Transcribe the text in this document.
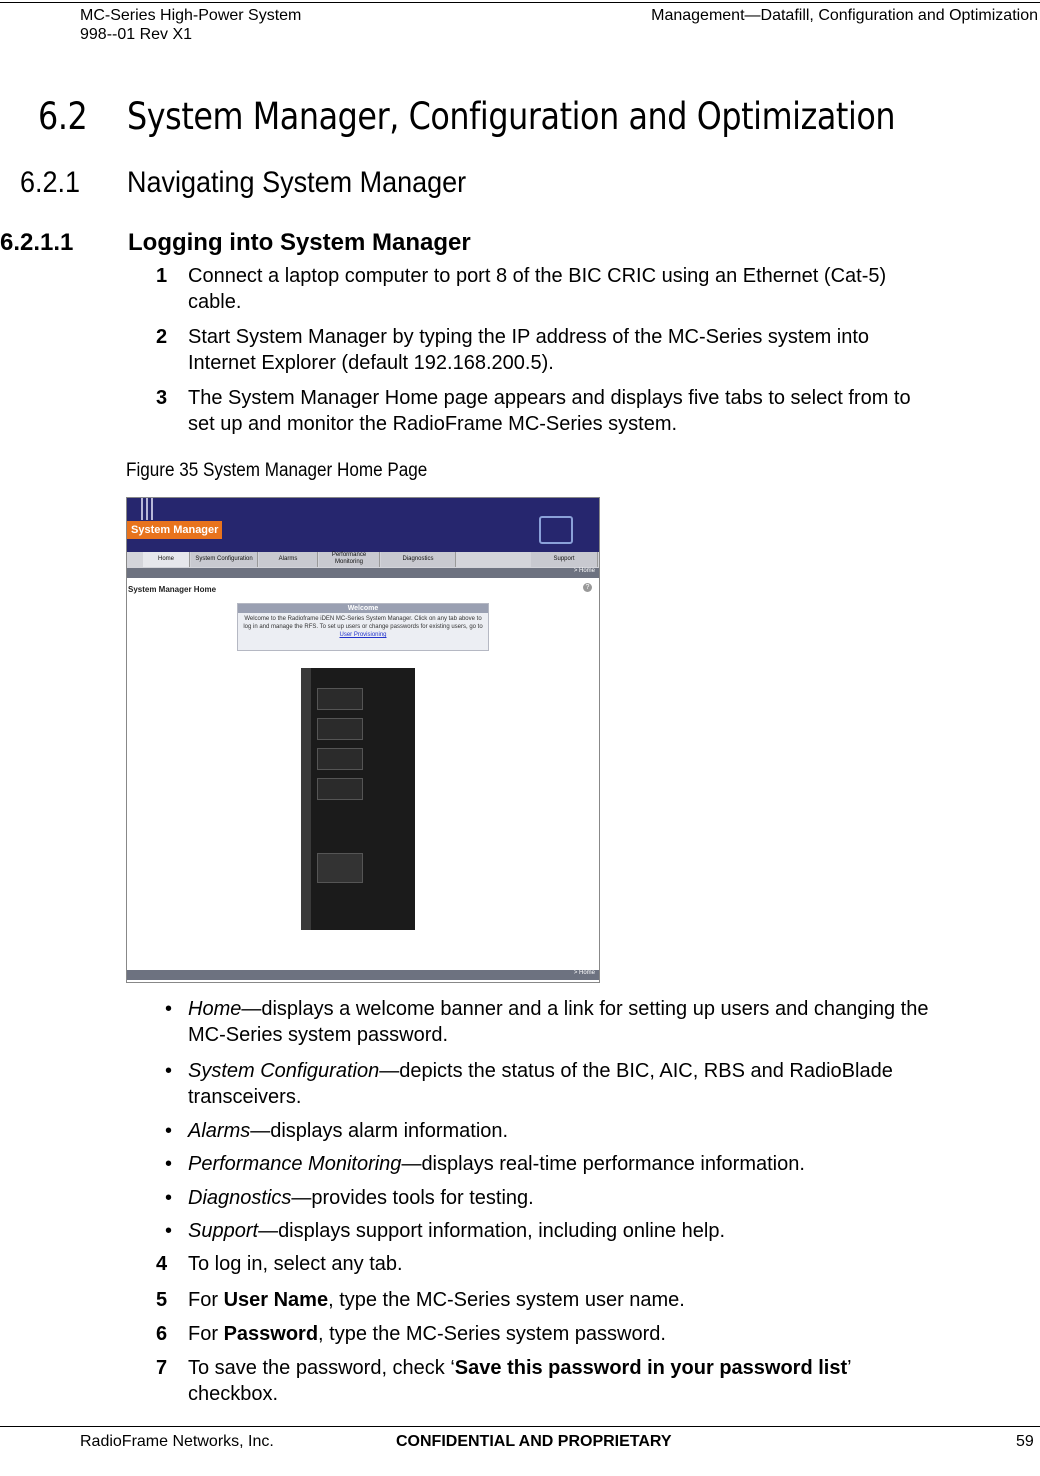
MC-Series High-Power System
998--01 Rev X1
Management—Datafill, Configuration and Optimization
6.2 System Manager, Configuration and Optimization
6.2.1 Navigating System Manager
6.2.1.1 Logging into System Manager
1 Connect a laptop computer to port 8 of the BIC CRIC using an Ethernet (Cat-5)
cable.
2 Start System Manager by typing the IP address of the MC-Series system into
Internet Explorer (default 192.168.200.5).
3 The System Manager Home page appears and displays five tabs to select from to
set up and monitor the RadioFrame MC-Series system.
Figure 35 System Manager Home Page
System Manager
Home	System Configuration	Alarms
Performance Monitoring	Diagnostics	Support
> Home
System Manager Home	?
Welcome
Welcome to the Radioframe iDEN MC-Series System Manager. Click on any tab above to log in and manage the RFS. To set up users or change passwords for existing users, go to User Provisioning
> Home
• Home—displays a welcome banner and a link for setting up users and changing the
MC-Series system password.
• System Configuration—depicts the status of the BIC, AIC, RBS and RadioBlade
transceivers.
• Alarms—displays alarm information.
• Performance Monitoring—displays real-time performance information.
• Diagnostics—provides tools for testing.
• Support—displays support information, including online help.
4 To log in, select any tab.
5 For User Name, type the MC-Series system user name.
6 For Password, type the MC-Series system password.
7 To save the password, check ‘Save this password in your password list’
checkbox.
RadioFrame Networks, Inc.	CONFIDENTIAL AND PROPRIETARY	59
